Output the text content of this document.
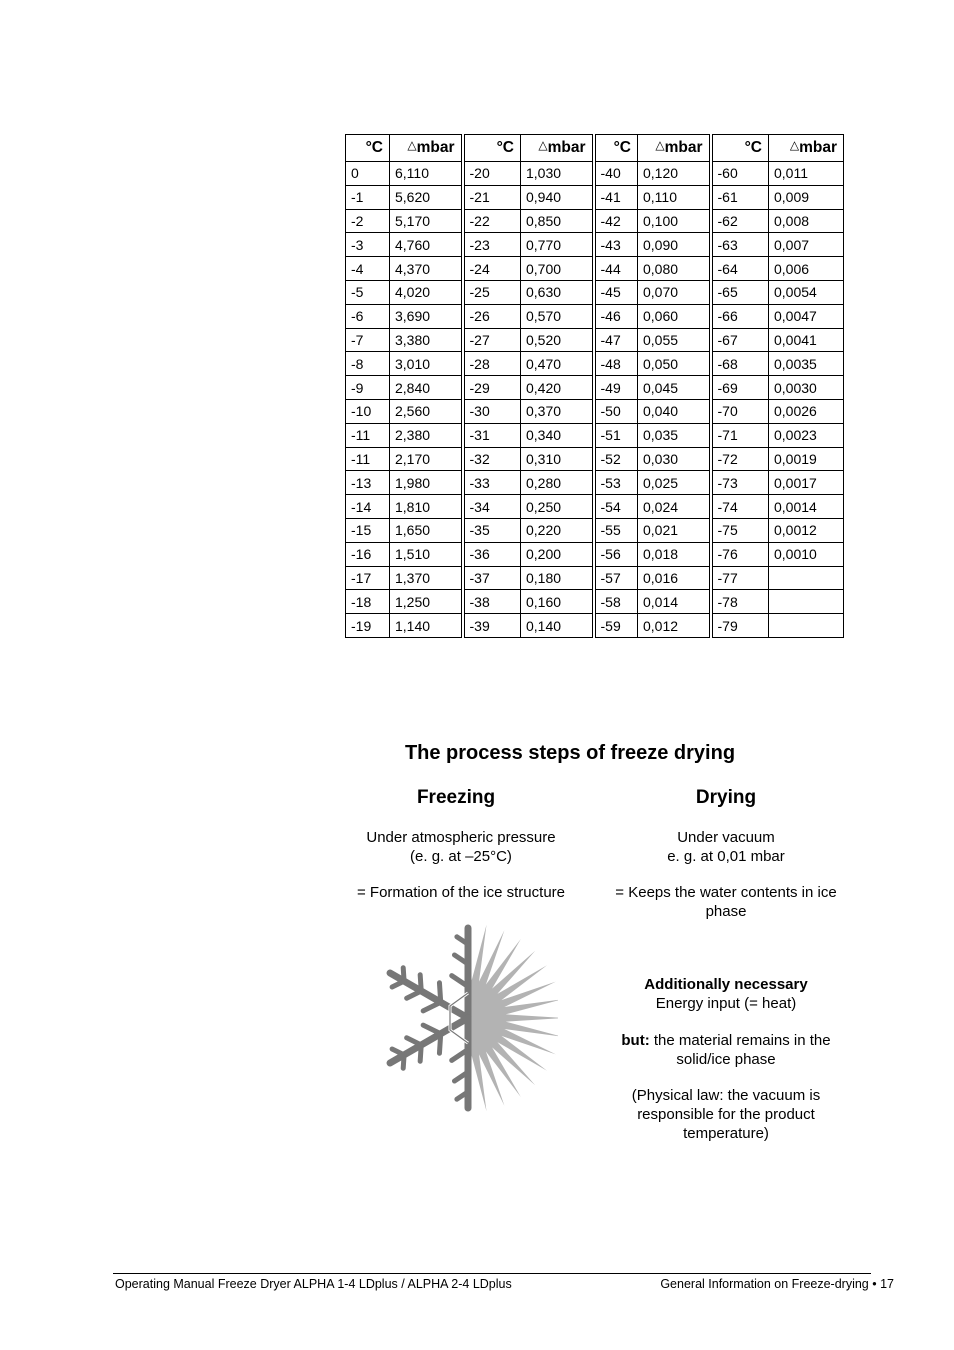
°C	△mbar	°C	△mbar	°C	△mbar	°C	△mbar
0	6,110	-20	1,030	-40	0,120	-60	0,011
-1	5,620	-21	0,940	-41	0,110	-61	0,009
-2	5,170	-22	0,850	-42	0,100	-62	0,008
-3	4,760	-23	0,770	-43	0,090	-63	0,007
-4	4,370	-24	0,700	-44	0,080	-64	0,006
-5	4,020	-25	0,630	-45	0,070	-65	0,0054
-6	3,690	-26	0,570	-46	0,060	-66	0,0047
-7	3,380	-27	0,520	-47	0,055	-67	0,0041
-8	3,010	-28	0,470	-48	0,050	-68	0,0035
-9	2,840	-29	0,420	-49	0,045	-69	0,0030
-10	2,560	-30	0,370	-50	0,040	-70	0,0026
-11	2,380	-31	0,340	-51	0,035	-71	0,0023
-11	2,170	-32	0,310	-52	0,030	-72	0,0019
-13	1,980	-33	0,280	-53	0,025	-73	0,0017
-14	1,810	-34	0,250	-54	0,024	-74	0,0014
-15	1,650	-35	0,220	-55	0,021	-75	0,0012
-16	1,510	-36	0,200	-56	0,018	-76	0,0010
-17	1,370	-37	0,180	-57	0,016	-77	
-18	1,250	-38	0,160	-58	0,014	-78	
-19	1,140	-39	0,140	-59	0,012	-79	
The process steps of freeze drying
Freezing	Drying
Under atmospheric pressure
(e. g. at –25°C)
= Formation of the ice structure
Under vacuum
e. g. at 0,01 mbar
= Keeps the water contents in ice phase
Additionally necessary
Energy input (= heat)
but: the material remains in the solid/ice phase
(Physical law: the vacuum is responsible for the product temperature)
Operating Manual Freeze Dryer ALPHA 1-4 LDplus / ALPHA 2-4 LDplus	General Information on Freeze-drying • 17
